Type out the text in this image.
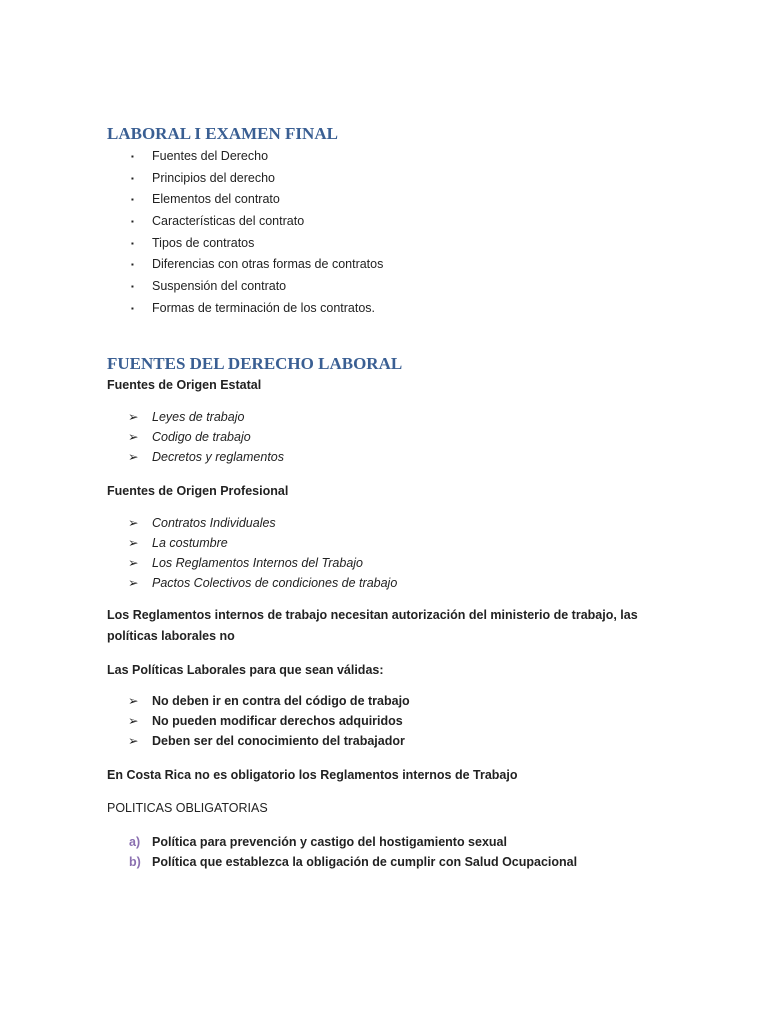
LABORAL I EXAMEN FINAL
▪	Fuentes del Derecho
▪	Principios del derecho
▪	Elementos del contrato
▪	Características del contrato
▪	Tipos de contratos
▪	Diferencias con otras formas de contratos
▪	Suspensión del contrato
▪	Formas de terminación de los contratos.
FUENTES DEL DERECHO LABORAL
Fuentes de Origen Estatal
➢	Leyes de trabajo
➢	Codigo de trabajo
➢	Decretos y reglamentos
Fuentes de Origen Profesional
➢	Contratos Individuales
➢	La costumbre
➢	Los Reglamentos Internos del Trabajo
➢	Pactos Colectivos de condiciones de trabajo
Los Reglamentos internos de trabajo necesitan autorización del ministerio de trabajo, las políticas laborales no
Las Políticas Laborales para que sean válidas:
➢	No deben ir en contra del código de trabajo
➢	No pueden modificar derechos adquiridos
➢	Deben ser del conocimiento del trabajador
En Costa Rica no es obligatorio los Reglamentos internos de Trabajo
POLITICAS OBLIGATORIAS
a) Política para prevención y castigo del hostigamiento sexual
b) Política que establezca la obligación de cumplir con Salud Ocupacional
